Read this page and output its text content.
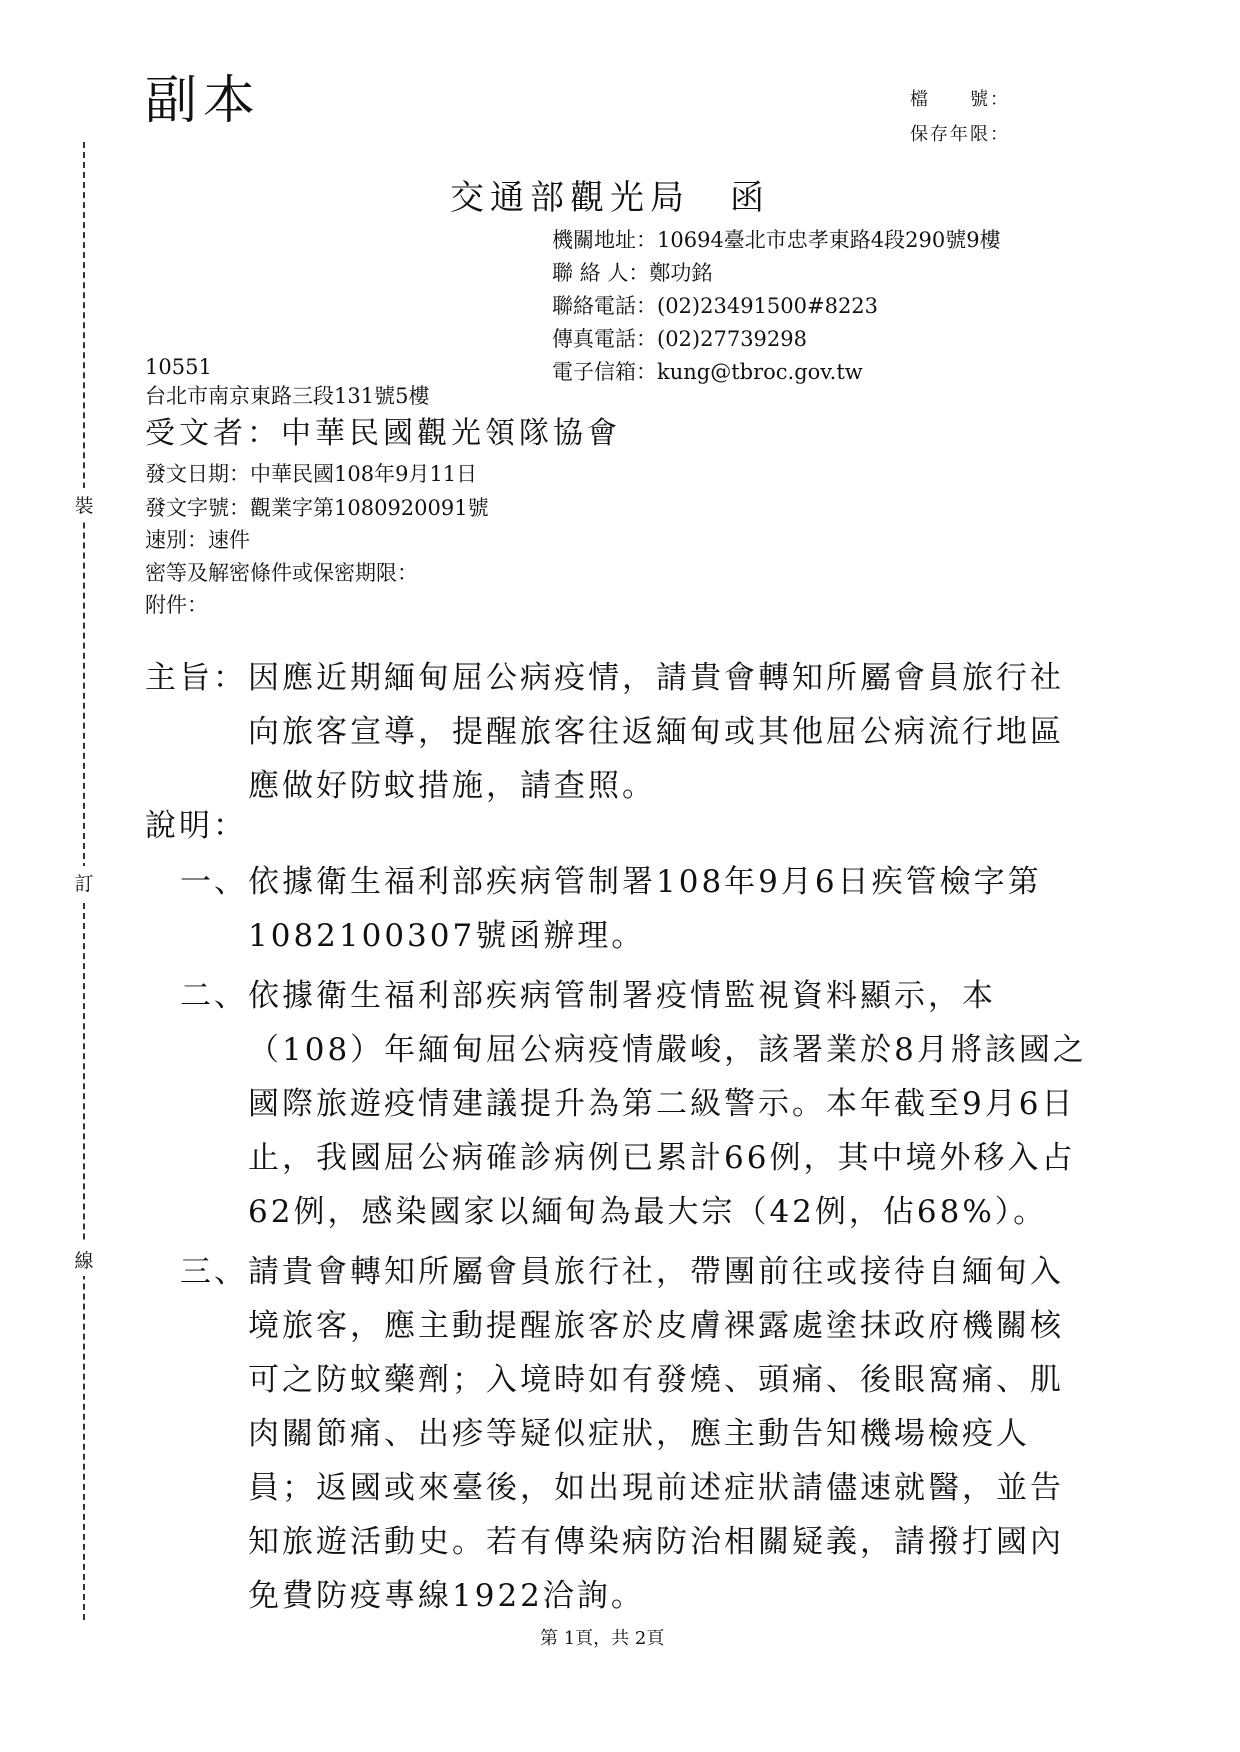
副本	檔　　號：
保存年限：
裝
訂
線
交通部觀光局　函
機關地址：10694臺北市忠孝東路4段290號9樓
聯 絡 人：鄭功銘
聯絡電話：(02)23491500#8223
傳真電話：(02)27739298
電子信箱：kung@tbroc.gov.tw
10551
台北市南京東路三段131號5樓
受文者：中華民國觀光領隊協會
發文日期：中華民國108年9月11日
發文字號：觀業字第1080920091號
速別：速件
密等及解密條件或保密期限：
附件：
主旨： 因應近期緬甸屈公病疫情，請貴會轉知所屬會員旅行社
向旅客宣導，提醒旅客往返緬甸或其他屈公病流行地區
應做好防蚊措施，請查照。
說明：
一、 依據衛生福利部疾病管制署108年9月6日疾管檢字第
1082100307號函辦理。
二、 依據衛生福利部疾病管制署疫情監視資料顯示，本
（108）年緬甸屈公病疫情嚴峻，該署業於8月將該國之
國際旅遊疫情建議提升為第二級警示。本年截至9月6日
止，我國屈公病確診病例已累計66例，其中境外移入占
62例，感染國家以緬甸為最大宗（42例，佔68%）。
三、 請貴會轉知所屬會員旅行社，帶團前往或接待自緬甸入
境旅客，應主動提醒旅客於皮膚裸露處塗抹政府機關核
可之防蚊藥劑；入境時如有發燒、頭痛、後眼窩痛、肌
肉關節痛、出疹等疑似症狀，應主動告知機場檢疫人
員；返國或來臺後，如出現前述症狀請儘速就醫，並告
知旅遊活動史。若有傳染病防治相關疑義，請撥打國內
免費防疫專線1922洽詢。
第 1頁，共 2頁
